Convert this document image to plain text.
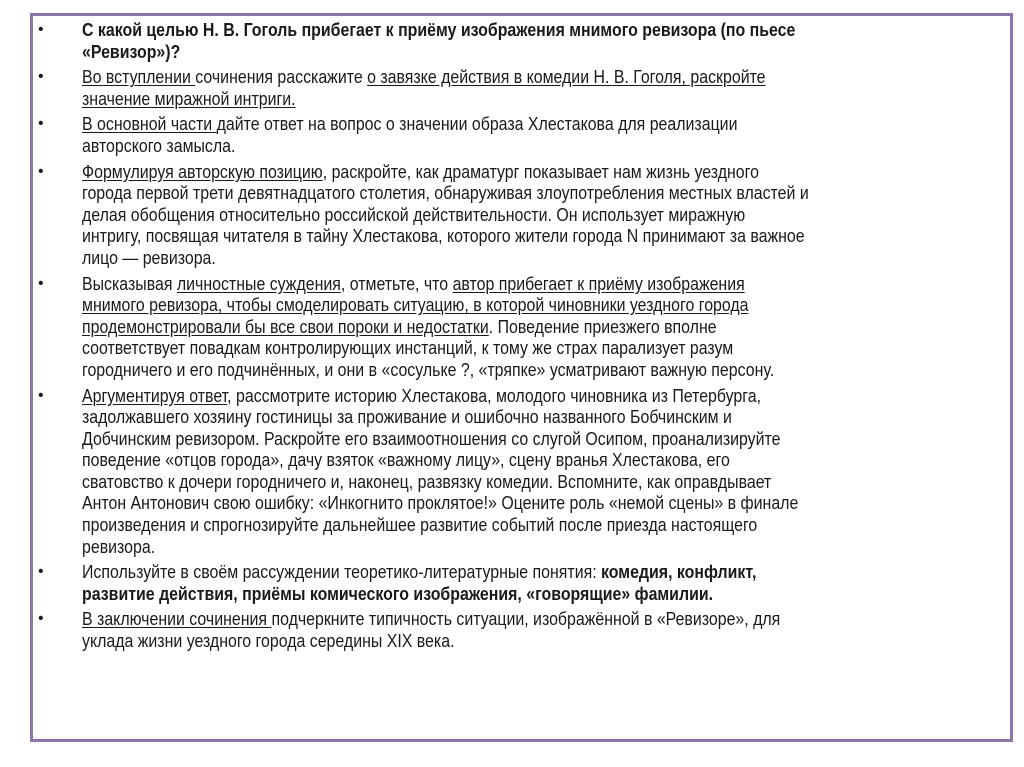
• С какой целью Н. В. Гоголь прибегает к приёму изображения мнимого ревизора (по пьесе
«Ревизор»)?
• Во вступлении сочинения расскажите о завязке действия в комедии Н. В. Гоголя, раскройте
значение миражной интриги.
• В основной части дайте ответ на вопрос о значении образа Хлестакова для реализации
авторского замысла.
• Формулируя авторскую позицию, раскройте, как драматург показывает нам жизнь уездного
города первой трети девятнадцатого столетия, обнаруживая злоупотребления местных властей и
делая обобщения относительно российской действительности. Он использует миражную
интригу, посвящая читателя в тайну Хлестакова, которого жители города N принимают за важное
лицо — ревизора.
• Высказывая личностные суждения, отметьте, что автор прибегает к приёму изображения
мнимого ревизора, чтобы смоделировать ситуацию, в которой чиновники уездного города
продемонстрировали бы все свои пороки и недостатки. Поведение приезжего вполне
соответствует повадкам контролирующих инстанций, к тому же страх парализует разум
городничего и его подчинённых, и они в «сосульке ?, «тряпке» усматривают важную персону.
• Аргументируя ответ, рассмотрите историю Хлестакова, молодого чиновника из Петербурга,
задолжавшего хозяину гостиницы за проживание и ошибочно названного Бобчинским и
Добчинским ревизором. Раскройте его взаимоотношения со слугой Осипом, проанализируйте
поведение «отцов города», дачу взяток «важному лицу», сцену вранья Хлестакова, его
сватовство к дочери городничего и, наконец, развязку комедии. Вспомните, как оправдывает
Антон Антонович свою ошибку: «Инкогнито проклятое!» Оцените роль «немой сцены» в финале
произведения и спрогнозируйте дальнейшее развитие событий после приезда настоящего
ревизора.
• Используйте в своём рассуждении теоретико-литературные понятия: комедия, конфликт,
развитие действия, приёмы комического изображения, «говорящие» фамилии.
• В заключении сочинения подчеркните типичность ситуации, изображённой в «Ревизоре», для
уклада жизни уездного города середины XIX века.
